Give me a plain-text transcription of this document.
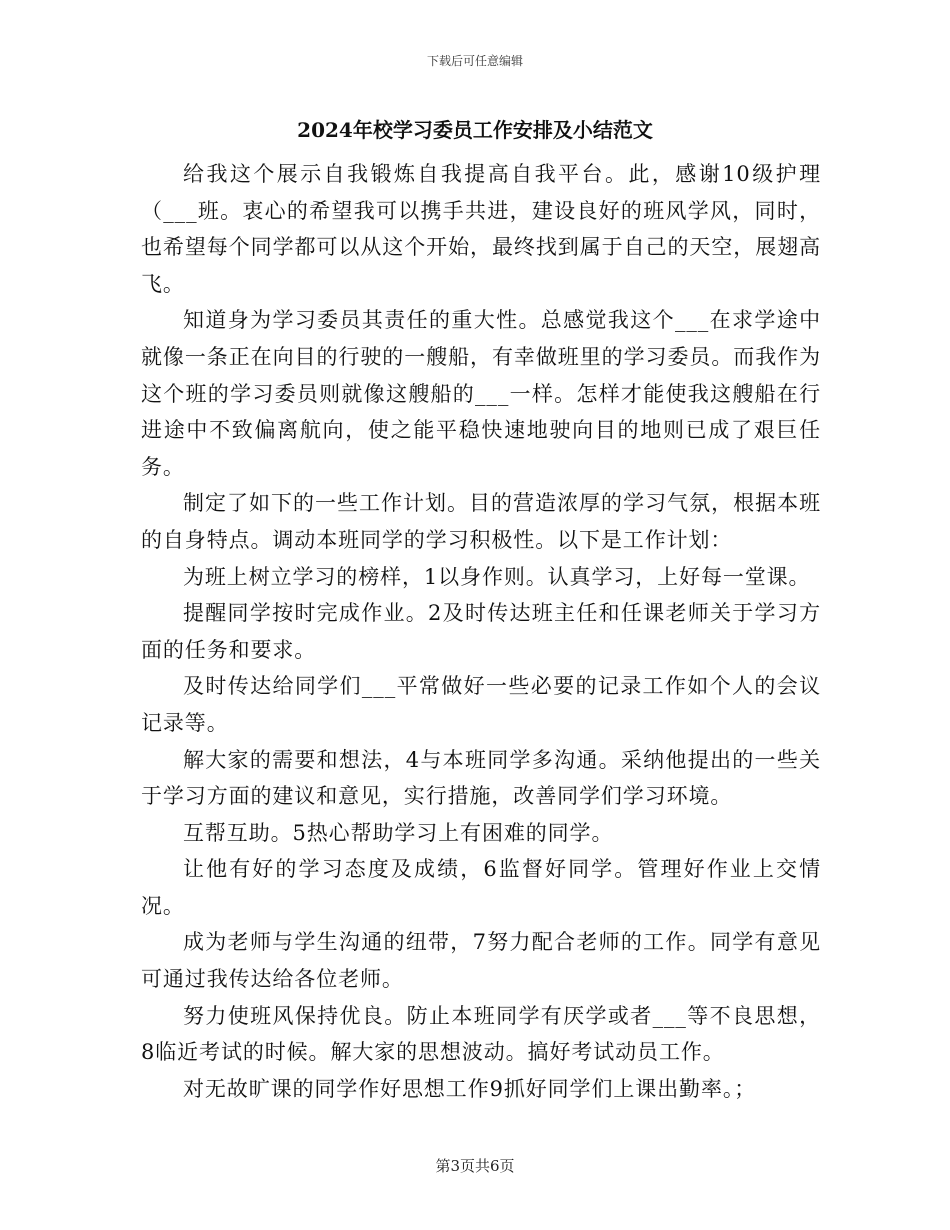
下载后可任意编辑
2024年校学习委员工作安排及小结范文

给我这个展示自我锻炼自我提高自我平台。此，感谢10级护理（___班。衷心的希望我可以携手共进，建设良好的班风学风，同时，也希望每个同学都可以从这个开始，最终找到属于自己的天空，展翅高飞。

知道身为学习委员其责任的重大性。总感觉我这个___在求学途中就像一条正在向目的行驶的一艘船，有幸做班里的学习委员。而我作为这个班的学习委员则就像这艘船的___一样。怎样才能使我这艘船在行进途中不致偏离航向，使之能平稳快速地驶向目的地则已成了艰巨任务。

制定了如下的一些工作计划。目的营造浓厚的学习气氛，根据本班的自身特点。调动本班同学的学习积极性。以下是工作计划：

为班上树立学习的榜样，1以身作则。认真学习，上好每一堂课。

提醒同学按时完成作业。2及时传达班主任和任课老师关于学习方面的任务和要求。

及时传达给同学们___平常做好一些必要的记录工作如个人的会议记录等。

解大家的需要和想法，4与本班同学多沟通。采纳他提出的一些关于学习方面的建议和意见，实行措施，改善同学们学习环境。

互帮互助。5热心帮助学习上有困难的同学。

让他有好的学习态度及成绩，6监督好同学。管理好作业上交情况。

成为老师与学生沟通的纽带，7努力配合老师的工作。同学有意见可通过我传达给各位老师。

努力使班风保持优良。防止本班同学有厌学或者___等不良思想，8临近考试的时候。解大家的思想波动。搞好考试动员工作。

对无故旷课的同学作好思想工作9抓好同学们上课出勤率。；

第3页共6页
